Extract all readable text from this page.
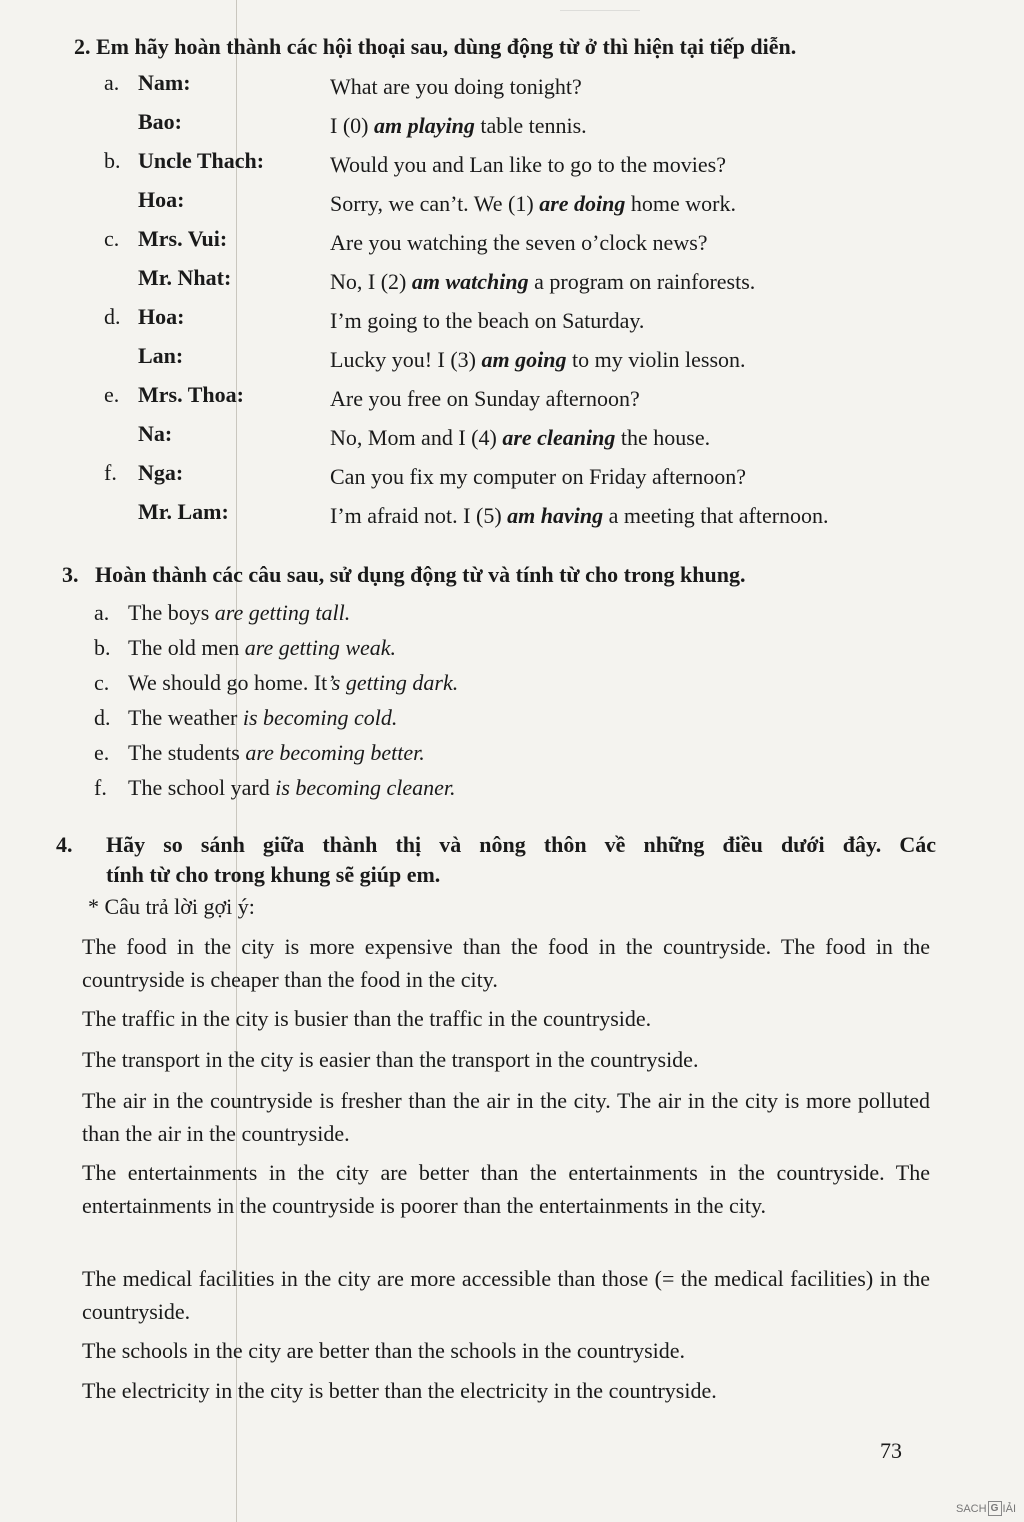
2. Em hãy hoàn thành các hội thoại sau, dùng động từ ở thì hiện tại tiếp diễn.
a. Nam:	What are you doing tonight?
Bao:	I (0) am playing table tennis.
b. Uncle Thach:	Would you and Lan like to go to the movies?
Hoa:	Sorry, we can’t. We (1) are doing home work.
c. Mrs. Vui:	Are you watching the seven o’clock news?
Mr. Nhat:	No, I (2) am watching a program on rainforests.
d. Hoa:	I’m going to the beach on Saturday.
Lan:	Lucky you! I (3) am going to my violin lesson.
e. Mrs. Thoa:	Are you free on Sunday afternoon?
Na:	No, Mom and I (4) are cleaning the house.
f. Nga:	Can you fix my computer on Friday afternoon?
Mr. Lam:	I’m afraid not. I (5) am having a meeting that afternoon.
3. Hoàn thành các câu sau, sử dụng động từ và tính từ cho trong khung.
a. The boys are getting tall.
b. The old men are getting weak.
c. We should go home. It’s getting dark.
d. The weather is becoming cold.
e. The students are becoming better.
f. The school yard is becoming cleaner.
4. Hãy so sánh giữa thành thị và nông thôn về những điều dưới đây. Các
tính từ cho trong khung sẽ giúp em.
* Câu trả lời gợi ý:
The food in the city is more expensive than the food in the countryside. The food in the countryside is cheaper than the food in the city.
The traffic in the city is busier than the traffic in the countryside.
The transport in the city is easier than the transport in the countryside.
The air in the countryside is fresher than the air in the city. The air in the city is more polluted than the air in the countryside.
The entertainments in the city are better than the entertainments in the countryside. The entertainments in the countryside is poorer than the entertainments in the city.
The medical facilities in the city are more accessible than those (= the medical facilities) in the countryside.
The schools in the city are better than the schools in the countryside.
The electricity in the city is better than the electricity in the countryside.
73
SACH G IẢI
